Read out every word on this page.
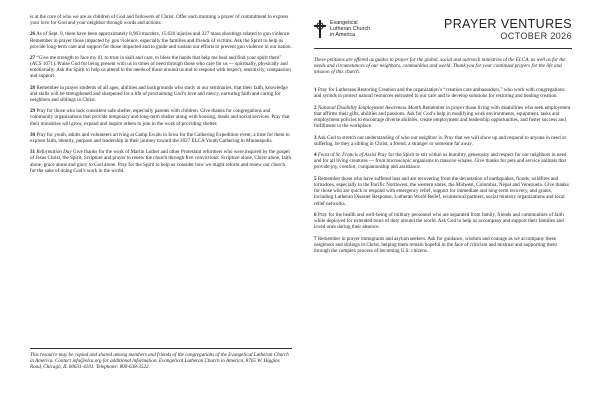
is at the core of who we are as children of God and followers of Christ. Offer each morning a prayer of commitment to express your love for God and your neighbor through words and actions.

26 As of Sept. 8, there have been approximately 8,963 murders, 15,620 injuries and 327 mass shootings related to gun violence. Remember in prayer those impacted by gun violence, especially the families and friends of victims. Ask the Spirit to help us provide long-term care and support for those impacted and to guide and sustain our efforts to prevent gun violence in our nation.

27 “Give me strength to face my ill, to trust in skill and care, to bless the hands that help me heal and find your spirit there” (ACS 1071). Praise God for being present with us in times of need through those who care for us — spiritually, physically and emotionally. Ask the Spirit to help us attend to the needs of those around us and to respond with respect, sensitivity, compassion and support.

28 Remember in prayer students of all ages, abilities and backgrounds who study at our seminaries, that their faith, knowledge and skills will be strengthened and sharpened for a life of proclaiming God’s love and mercy, nurturing faith and caring for neighbors and siblings in Christ.

29 Pray for those who lack consistent safe shelter, especially parents with children. Give thanks for congregations and community organizations that provide temporary and long-term shelter along with housing, meals and social services. Pray that their ministries will grow, expand and inspire others to join in the work of providing shelter.

30 Pray for youth, adults and volunteers arriving at Camp Ewalu in Iowa for the Gathering Expedition event, a time for them to explore faith, identity, purpose and leadership in their journey toward the 2027 ELCA Youth Gathering in Minneapolis.

31 Reformation Day Give thanks for the work of Martin Luther and other Protestant reformers who were inspired by the gospel of Jesus Christ, the Spirit, Scripture and prayer to renew the church through five convictions: Scripture alone, Christ alone, faith alone, grace alone and glory to God alone. Pray for the Spirit to help us consider how we might reform and renew our church for the sake of doing God’s work in the world.

This resource may be copied and shared among members and friends of the congregations of the Evangelical Lutheran Church in America. Contact info@elca.org for additional information. Evangelical Lutheran Church in America, 8765 W. Higgins Road, Chicago, IL 60631-4101. Telephone: 800-638-3522.
Evangelical
Lutheran Church
in America
PRAYER VENTURES
OCTOBER 2026
These petitions are offered as guides to prayer for the global, social and outreach ministries of the ELCA, as well as for the needs and circumstances of our neighbors, communities and world. Thank you for your continued prayers for the life and mission of this church.

1 Pray for Lutherans Restoring Creation and the organization’s “creation care ambassadors,” who work with congregations and synods to protect natural resources entrusted to our care and to develop solutions for restoring and healing creation.

2 National Disability Employment Awareness Month Remember in prayer those living with disabilities who seek employment that affirms their gifts, abilities and passions. Ask for God’s help in modifying work environments, equipment, tasks and employment policies to encourage diverse abilities, create employment and leadership opportunities, and foster success and fulfillment in the workplace.

3 Ask God to stretch our understanding of who our neighbor is. Pray that we will show up and respond to anyone in need or suffering, be they a sibling in Christ, a friend, a stranger or someone far away.

4 Feast of St. Francis of Assisi Pray for the Spirit to stir within us humility, generosity and respect for our neighbors in need and for all living creatures — from microscopic organisms to massive whales. Give thanks for pets and service animals that provide joy, comfort, companionship and assistance.

5 Remember those who have suffered loss and are recovering from the devastation of earthquakes, floods, wildfires and tornadoes, especially in the Pacific Northwest, the western states, the Midwest, Colombia, Nepal and Venezuela. Give thanks for those who are quick to respond with emergency relief, support for immediate and long-term recovery, and grants, including Lutheran Disaster Response, Lutheran World Relief, ecumenical partners, social ministry organizations and local relief networks.

6 Pray for the health and well-being of military personnel who are separated from family, friends and communities of faith while deployed for extended tours of duty around the world. Ask God to help us accompany and support their families and loved ones during their absence.

7 Remember in prayer immigrants and asylum seekers. Ask for guidance, wisdom and courage as we accompany these neighbors and siblings in Christ, helping them remain hopeful in the face of criticism and mistrust and supporting them through the complex process of becoming U.S. citizens.
